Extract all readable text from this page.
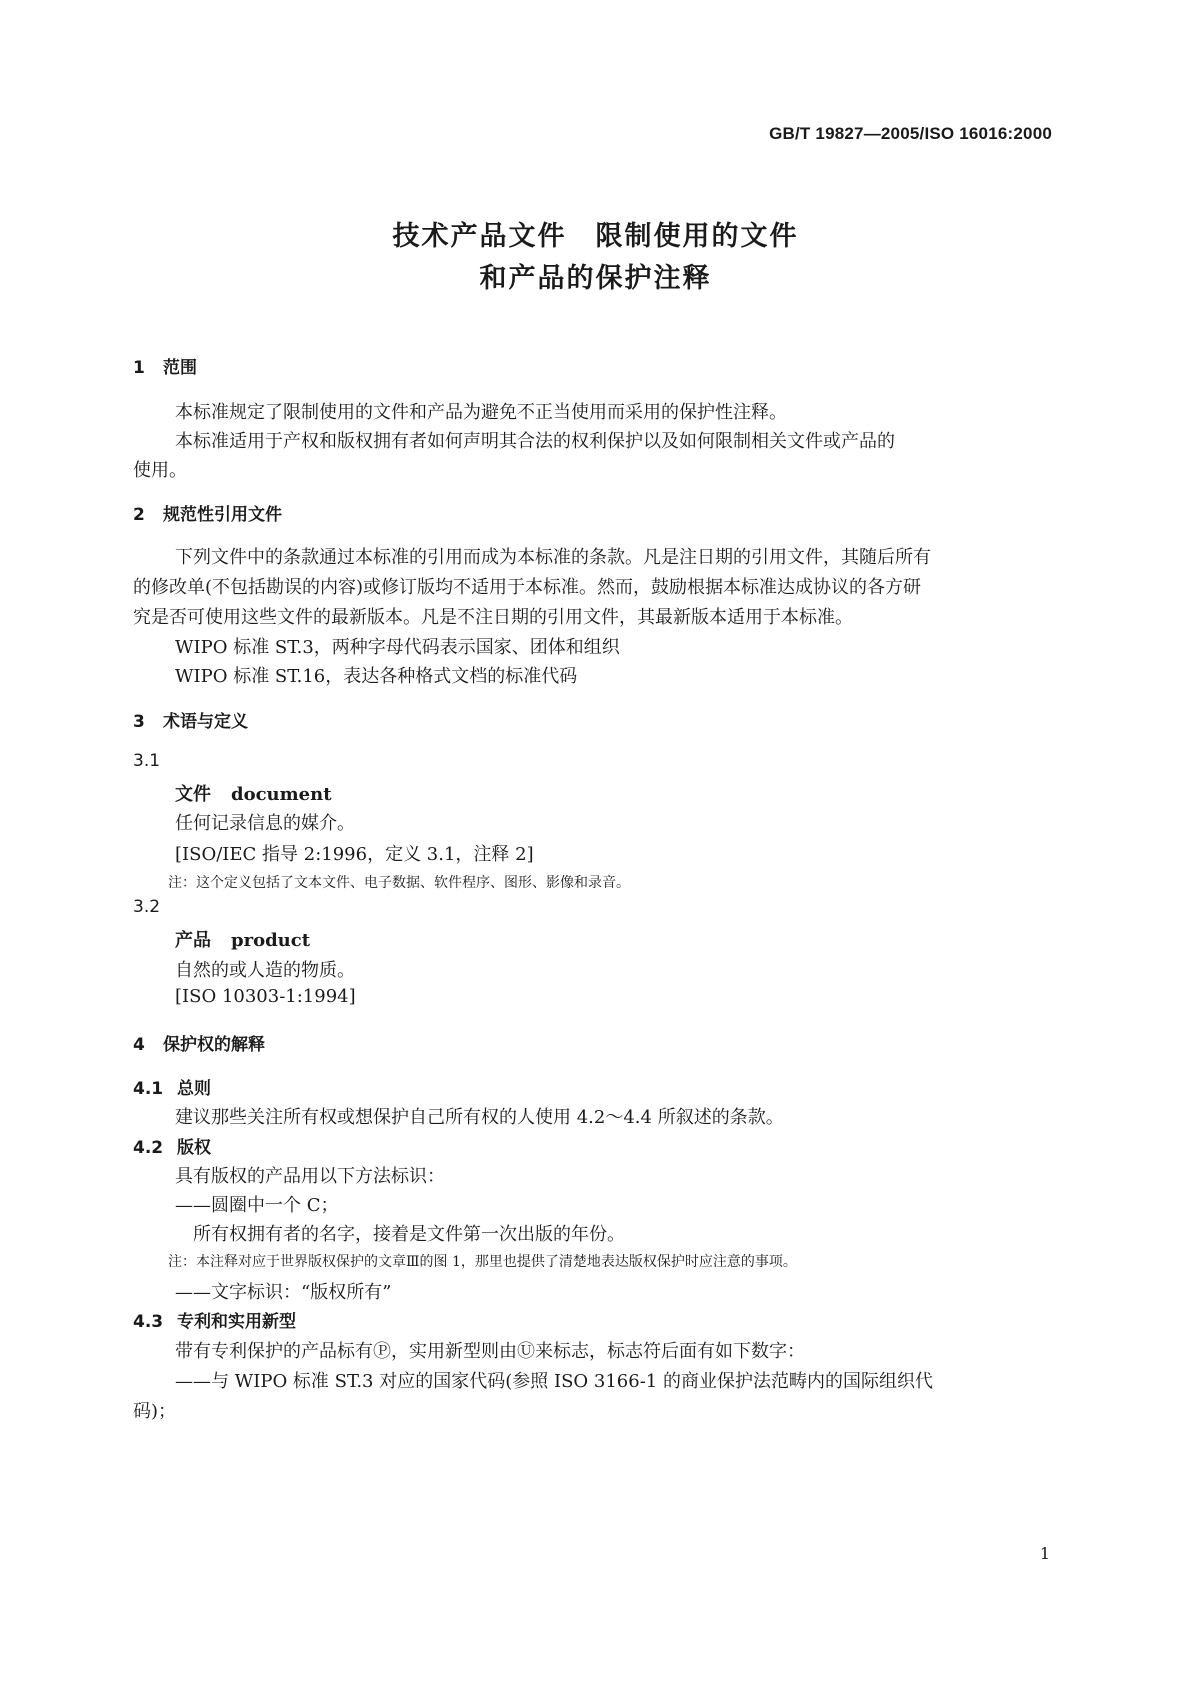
GB/T 19827—2005/ISO 16016:2000
技术产品文件　限制使用的文件
和产品的保护注释
1 范围
本标准规定了限制使用的文件和产品为避免不正当使用而采用的保护性注释。
本标准适用于产权和版权拥有者如何声明其合法的权利保护以及如何限制相关文件或产品的
使用。
2 规范性引用文件
下列文件中的条款通过本标准的引用而成为本标准的条款。凡是注日期的引用文件，其随后所有
的修改单(不包括勘误的内容)或修订版均不适用于本标准。然而，鼓励根据本标准达成协议的各方研
究是否可使用这些文件的最新版本。凡是不注日期的引用文件，其最新版本适用于本标准。
WIPO 标准 ST.3，两种字母代码表示国家、团体和组织
WIPO 标准 ST.16，表达各种格式文档的标准代码
3 术语与定义
3.1
文件 document
任何记录信息的媒介。
[ISO/IEC 指导 2:1996，定义 3.1，注释 2]
注：这个定义包括了文本文件、电子数据、软件程序、图形、影像和录音。
3.2
产品 product
自然的或人造的物质。
[ISO 10303-1:1994]
4 保护权的解释
4.1 总则
建议那些关注所有权或想保护自己所有权的人使用 4.2～4.4 所叙述的条款。
4.2 版权
具有版权的产品用以下方法标识：
——圆圈中一个 C；
　所有权拥有者的名字，接着是文件第一次出版的年份。
注：本注释对应于世界版权保护的文章Ⅲ的图 1，那里也提供了清楚地表达版权保护时应注意的事项。
——文字标识：“版权所有”
4.3 专利和实用新型
带有专利保护的产品标有Ⓟ，实用新型则由Ⓤ来标志，标志符后面有如下数字：
——与 WIPO 标准 ST.3 对应的国家代码(参照 ISO 3166-1 的商业保护法范畴内的国际组织代
码)；
1
